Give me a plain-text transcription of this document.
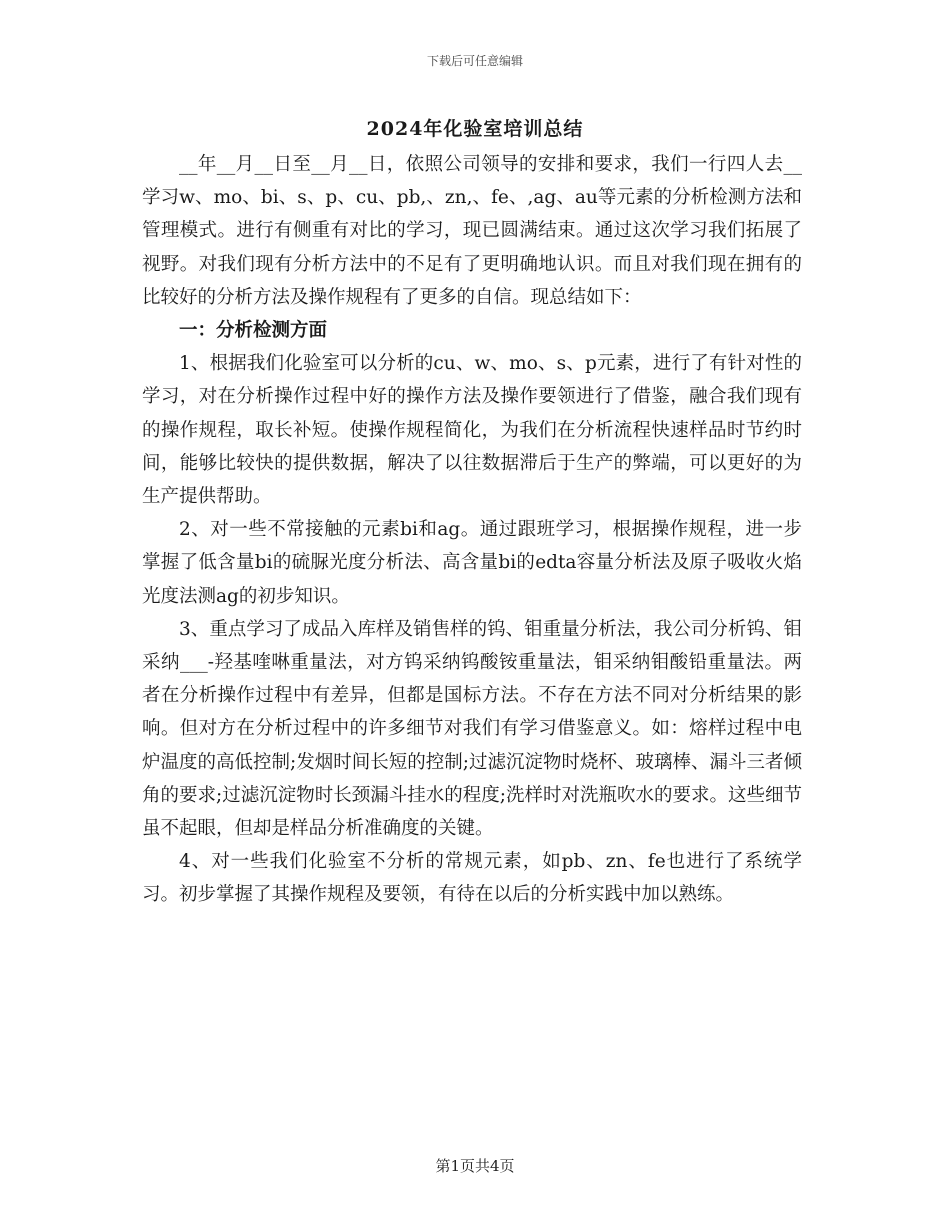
下载后可任意编辑
2024年化验室培训总结

__年__月__日至__月__日，依照公司领导的安排和要求，我们一行四人去__学习w、mo、bi、s、p、cu、pb,、zn,、fe、,ag、au等元素的分析检测方法和管理模式。进行有侧重有对比的学习，现已圆满结束。通过这次学习我们拓展了视野。对我们现有分析方法中的不足有了更明确地认识。而且对我们现在拥有的比较好的分析方法及操作规程有了更多的自信。现总结如下：

一：分析检测方面

1、根据我们化验室可以分析的cu、w、mo、s、p元素，进行了有针对性的学习，对在分析操作过程中好的操作方法及操作要领进行了借鉴，融合我们现有的操作规程，取长补短。使操作规程简化，为我们在分析流程快速样品时节约时间，能够比较快的提供数据，解决了以往数据滞后于生产的弊端，可以更好的为生产提供帮助。

2、对一些不常接触的元素bi和ag。通过跟班学习，根据操作规程，进一步掌握了低含量bi的硫脲光度分析法、高含量bi的edta容量分析法及原子吸收火焰光度法测ag的初步知识。

3、重点学习了成品入库样及销售样的钨、钼重量分析法，我公司分析钨、钼采纳___-羟基喹啉重量法，对方钨采纳钨酸铵重量法，钼采纳钼酸铅重量法。两者在分析操作过程中有差异，但都是国标方法。不存在方法不同对分析结果的影响。但对方在分析过程中的许多细节对我们有学习借鉴意义。如：熔样过程中电炉温度的高低控制;发烟时间长短的控制;过滤沉淀物时烧杯、玻璃棒、漏斗三者倾角的要求;过滤沉淀物时长颈漏斗挂水的程度;洗样时对洗瓶吹水的要求。这些细节虽不起眼，但却是样品分析准确度的关键。

4、对一些我们化验室不分析的常规元素，如pb、zn、fe也进行了系统学习。初步掌握了其操作规程及要领，有待在以后的分析实践中加以熟练。

第1页共4页
